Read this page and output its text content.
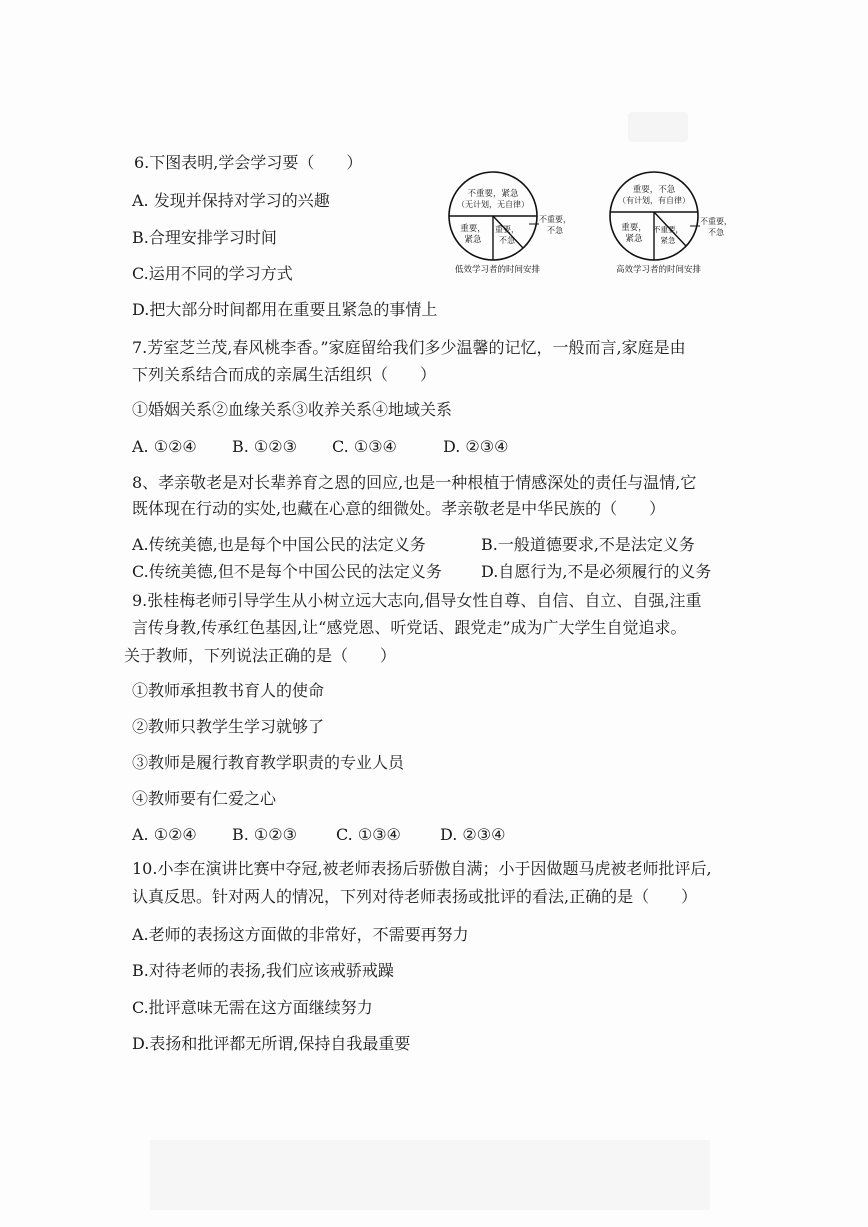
6.下图表明,学会学习要（　　）
A. 发现并保持对学习的兴趣
B.合理安排学习时间
C.运用不同的学习方式
D.把大部分时间都用在重要且紧急的事情上
不重要，紧急
（无计划，无自律）
重要，
紧急
重要，
不急
不重要，
不急
低效学习者的时间安排
重要，不急
（有计划，有自律）
重要，
紧急
不重要，
紧急
不重要，
不急
高效学习者的时间安排
7.芳室芝兰茂,春风桃李香。”家庭留给我们多少温馨的记忆，一般而言,家庭是由
下列关系结合而成的亲属生活组织（　　）
①婚姻关系②血缘关系③收养关系④地域关系
A. ①②④ B. ①②③ C. ①③④	D. ②③④
8、孝亲敬老是对长辈养育之恩的回应,也是一种根植于情感深处的责任与温情,它
既体现在行动的实处,也藏在心意的细微处。孝亲敬老是中华民族的（　　）
A.传统美德,也是每个中国公民的法定义务	B.一般道德要求,不是法定义务
C.传统美德,但不是每个中国公民的法定义务 D.自愿行为,不是必须履行的义务
9.张桂梅老师引导学生从小树立远大志向,倡导女性自尊、自信、自立、自强,注重
言传身教,传承红色基因,让“感党恩、听党话、跟党走”成为广大学生自觉追求。
关于教师，下列说法正确的是（　　）
①教师承担教书育人的使命
②教师只教学生学习就够了
③教师是履行教育教学职责的专业人员
④教师要有仁爱之心
A. ①②④ B. ①②③ C. ①③④ D. ②③④
10.小李在演讲比赛中夺冠,被老师表扬后骄傲自满；小于因做题马虎被老师批评后,
认真反思。针对两人的情况，下列对待老师表扬或批评的看法,正确的是（　　）
A.老师的表扬这方面做的非常好，不需要再努力
B.对待老师的表扬,我们应该戒骄戒躁
C.批评意味无需在这方面继续努力
D.表扬和批评都无所谓,保持自我最重要
